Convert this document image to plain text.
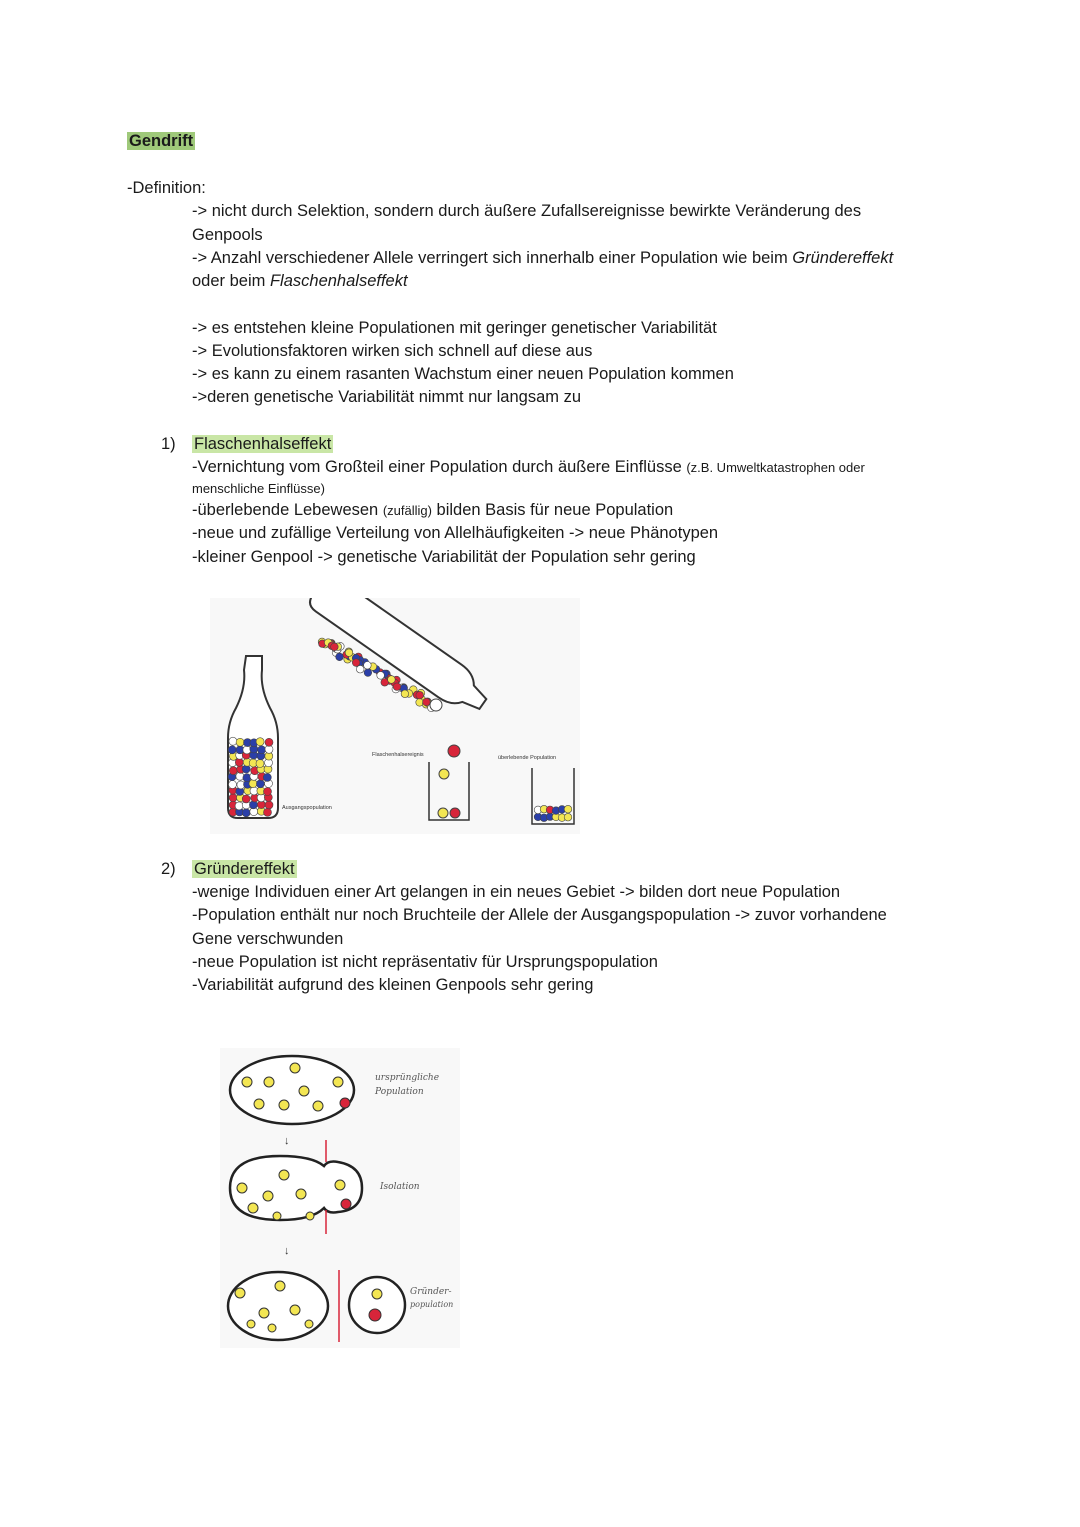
Gendrift
-Definition:
-> nicht durch Selektion, sondern durch äußere Zufallsereignisse bewirkte Veränderung des
Genpools
-> Anzahl verschiedener Allele verringert sich innerhalb einer Population wie beim Gründereffekt
oder beim Flaschenhalseffekt
-> es entstehen kleine Populationen mit geringer genetischer Variabilität
-> Evolutionsfaktoren wirken sich schnell auf diese aus
-> es kann zu einem rasanten Wachstum einer neuen Population kommen
->deren genetische Variabilität nimmt nur langsam zu
1) Flaschenhalseffekt
-Vernichtung vom Großteil einer Population durch äußere Einflüsse (z.B. Umweltkatastrophen oder
menschliche Einflüsse)
-überlebende Lebewesen (zufällig) bilden Basis für neue Population
-neue und zufällige Verteilung von Allelhäufigkeiten -> neue Phänotypen
-kleiner Genpool -> genetische Variabilität der Population sehr gering
Ausgangspopulation
Flaschenhalsereignis	überlebende Population
2) Gründereffekt
-wenige Individuen einer Art gelangen in ein neues Gebiet -> bilden dort neue Population
-Population enthält nur noch Bruchteile der Allele der Ausgangspopulation -> zuvor vorhandene
Gene verschwunden
-neue Population ist nicht repräsentativ für Ursprungspopulation
-Variabilität aufgrund des kleinen Genpools sehr gering
ursprüngliche
Population
↓
Isolation
↓
Gründer-
population
